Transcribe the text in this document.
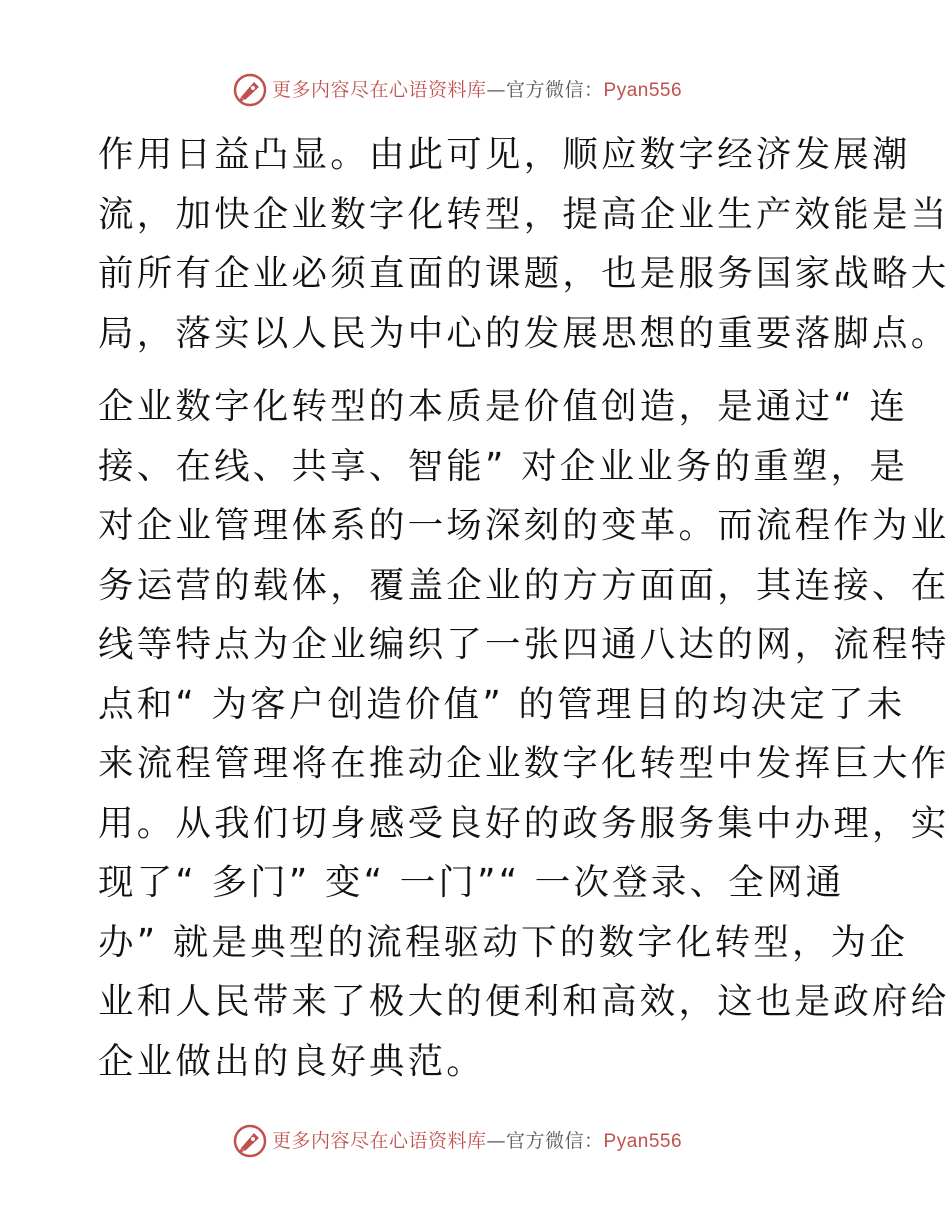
更多内容尽在心语资料库—官方微信：Pyan556
作用日益凸显。由此可见，顺应数字经济发展潮
流，加快企业数字化转型，提高企业生产效能是当
前所有企业必须直面的课题，也是服务国家战略大
局，落实以人民为中心的发展思想的重要落脚点。
企业数字化转型的本质是价值创造，是通过“ 连
接、在线、共享、智能” 对企业业务的重塑，是
对企业管理体系的一场深刻的变革。而流程作为业
务运营的载体，覆盖企业的方方面面，其连接、在
线等特点为企业编织了一张四通八达的网，流程特
点和“ 为客户创造价值” 的管理目的均决定了未
来流程管理将在推动企业数字化转型中发挥巨大作
用。从我们切身感受良好的政务服务集中办理，实
现了“ 多门” 变“ 一门”“ 一次登录、全网通
办” 就是典型的流程驱动下的数字化转型，为企
业和人民带来了极大的便利和高效，这也是政府给
企业做出的良好典范。
更多内容尽在心语资料库—官方微信：Pyan556
